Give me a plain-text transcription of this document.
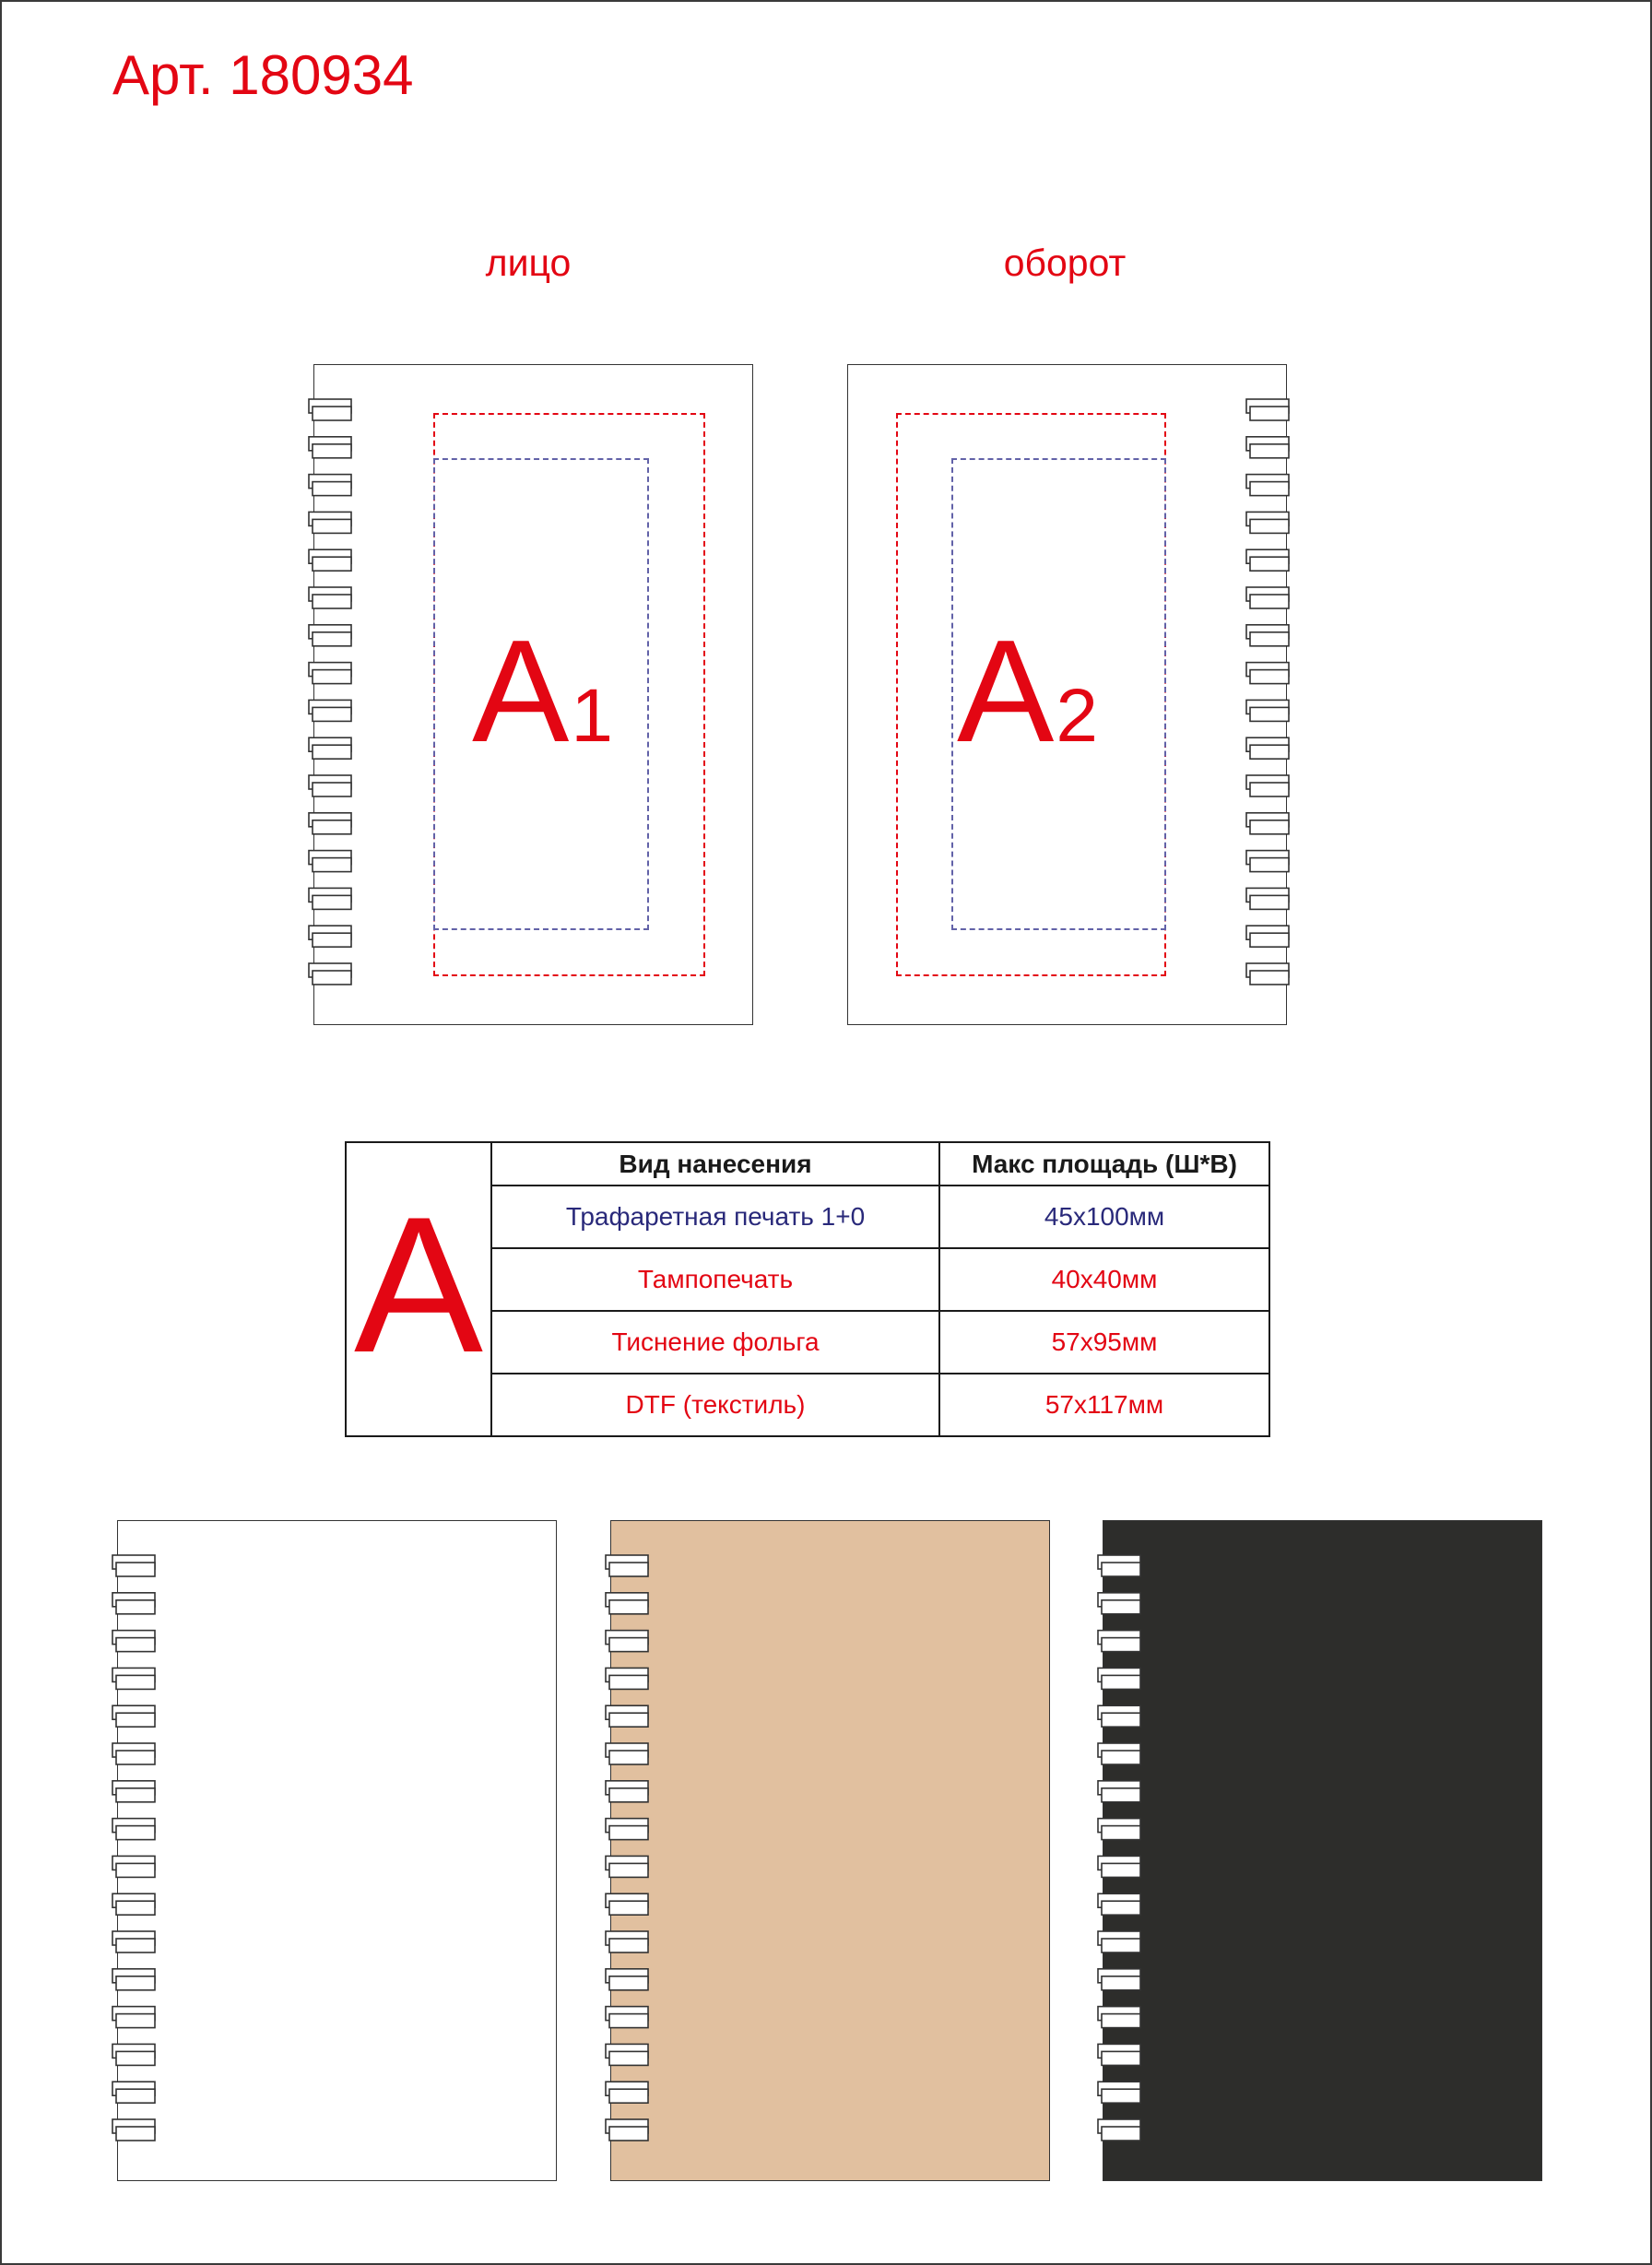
Арт. 180934
лицо	оборот
A1 A2
A	Вид нанесения	Макс площадь (Ш*В)
	Трафаретная печать 1+0	45x100мм
	Тампопечать	40x40мм
	Тиснение фольга	57x95мм
	DTF (текстиль)	57x117мм
